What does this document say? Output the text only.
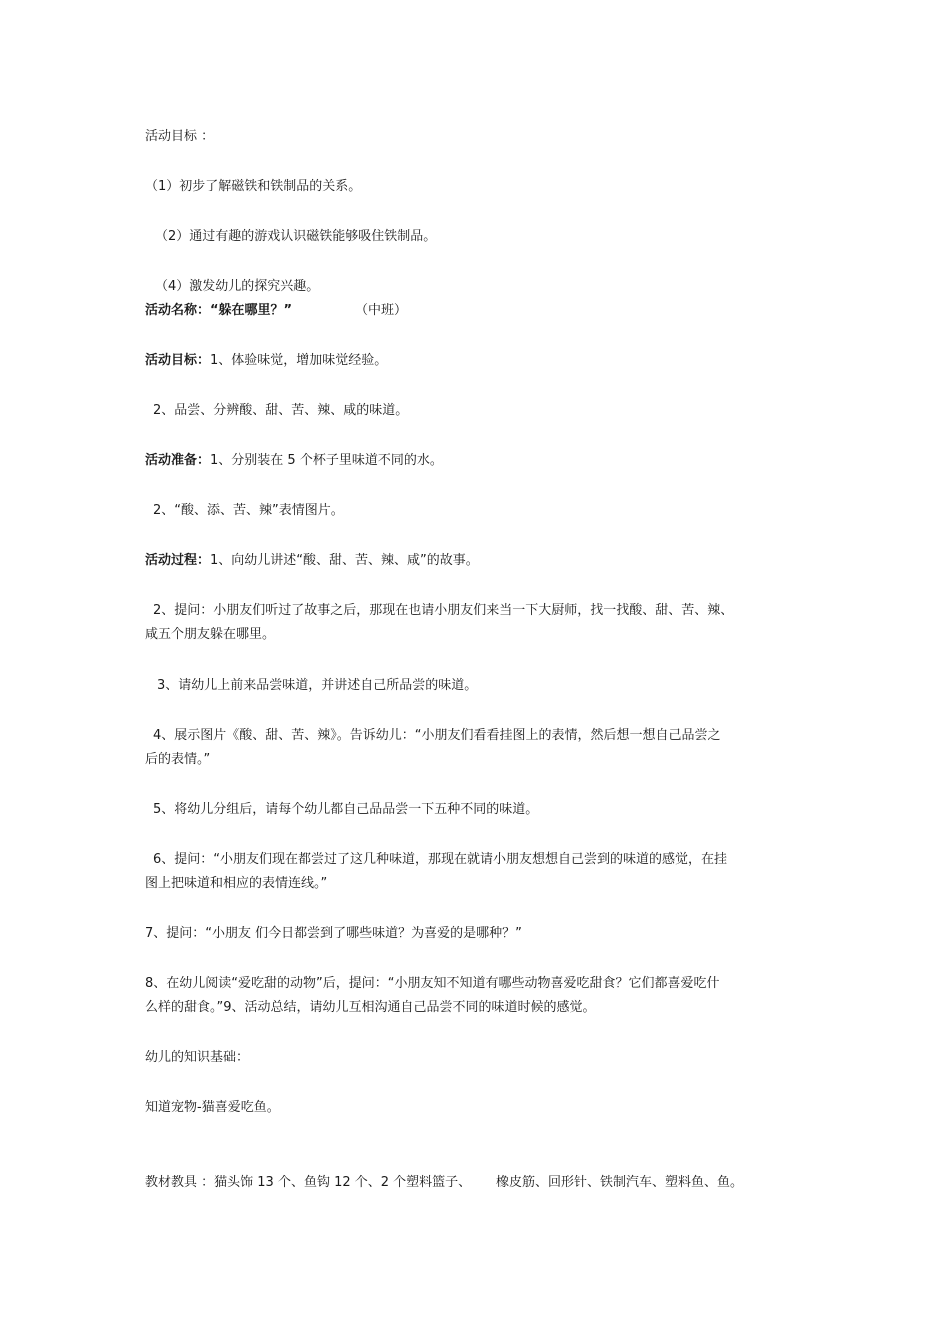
活动目标 ：
（1）初步了解磁铁和铁制品的关系。
（2）通过有趣的游戏认识磁铁能够吸住铁制品。
（4）激发幼儿的探究兴趣。
活动名称：“躲在哪里？”	（中班）
活动目标：1、体验味觉，增加味觉经验。
2、品尝、分辨酸、甜、苦、辣、咸的味道。
活动准备：1、分别装在 5 个杯子里味道不同的水。
2、“酸、添、苦、辣”表情图片。
活动过程：1、向幼儿讲述“酸、甜、苦、辣、咸”的故事。
2、提问：小朋友们听过了故事之后，那现在也请小朋友们来当一下大厨师，找一找酸、甜、苦、辣、
咸五个朋友躲在哪里。
3、请幼儿上前来品尝味道，并讲述自己所品尝的味道。
4、展示图片《酸、甜、苦、辣》。告诉幼儿：“小朋友们看看挂图上的表情，然后想一想自己品尝之
后的表情。”
5、将幼儿分组后，请每个幼儿都自己品品尝一下五种不同的味道。
6、提问：“小朋友们现在都尝过了这几种味道，那现在就请小朋友想想自己尝到的味道的感觉，在挂
图上把味道和相应的表情连线。”
7、提问：“小朋友 们今日都尝到了哪些味道？为喜爱的是哪种？”
8、在幼儿阅读“爱吃甜的动物”后，提问：“小朋友知不知道有哪些动物喜爱吃甜食？它们都喜爱吃什
么样的甜食。”9、活动总结，请幼儿互相沟通自己品尝不同的味道时候的感觉。
幼儿的知识基础：
知道宠物-猫喜爱吃鱼。
教材教具 ：猫头饰 13 个、鱼钩 12 个、2 个塑料篮子、      橡皮筋、回形针、铁制汽车、塑料鱼、鱼。
